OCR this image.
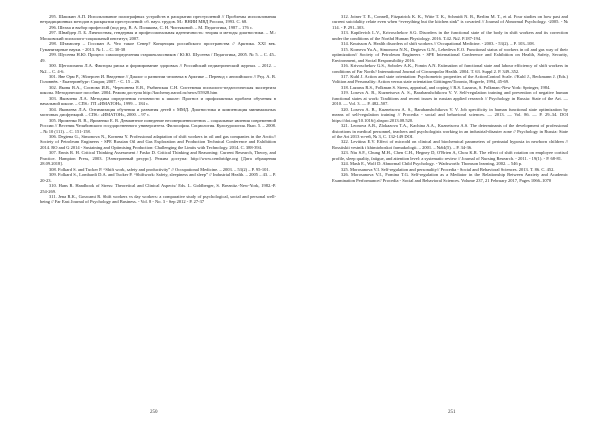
295. Шашкин А.П. Использование полиграфных устройств в раскрытии преступлений // Проблемы использования нетрадиционных методов в раскрытии преступлений: сб. науч. трудов. М.: ВНИИ МВД России, 1993. С. 68.

296. Шеаха и выбор профессий (под ред. В. А. Полякова, С. Н. Чистяковой. – М. Педагогика, 1987 – 176 с.

297. Шнайдер Л. Б. Личностная, гендерная и профессиональная идентичность: теория и методы диагностики. – М.: Московский психолого-социальный институт, 2007.

298. Штамплер – Госсман А. Что такое Север? Концепция российского пространства // Арктика. XXI век. Гуманитарные науки. - 2013. № 1. – С. 30-38

299. Шусеева Н.Ю. Процесс самоопределения старшеклассников / Ю.Ю. Шусеева / Педагогика, 2005. № 5. – С. 45–49.

300. Щеголихина Л.А. Факторы риска и формирование здоровых // Российский педиатрический журнал. – 2012. – №2. – С. 4-6.

301. Яве Орм Р., Эйлерсен И. Введение // Диалог о развитии человека в Арктике – Перевод с английского // Ред. А. В. Головнёв. - Екатеринбург: Сократ, 2007. - С. 15 – 26.

302. Яковя В.А., Соснова И.В., Черешнева Е.В., Рыбинская С.Н. Системная психолого-педагогическая экспертиза школы. Методическое пособие. 2004. Режим доступа http://kuchemy.narod.ru/news/55928.htm

303. Яковлева Л.А. Методика определения готовности к школе: Прогноз и профилактика проблем обучения в начальной школе. – СПб.: ГП «ИМАТОН», 1999. – 184 с.

304. Яковлева Л.А. Оптимизация обучения и развития детей с ММД. Диагностика и компенсация минимальных мозговых дисфункций. – СПб.: «ИМАТОН», 2000. – 97 с.

305. Яроменко В. В., Яроменко Е. В. Девиантное поведение несовершеннолетних – социальные явления современной России // Вестник Челябинского государственного университета. Философия. Социология. Культурология. Вып. 5. – 2008. – № 10 (111). – С. 151-158.

306. Degtева G., Simonova N., Kornева Y. Professional adaptation of shift workers in oil and gas companies in the Arctic// Society of Petroleum Engineers - SPE Russian Oil and Gas Exploration and Production Technical Conference and Exhibition 2014. RO and G 2014 - Sustaining and Optimising Production: Challenging the Limits with Technology. 2014. С. 388-394.

307. Ennis R. H. Critical Thinking Assessment / Fasko D. Critical Thinking and Reasoning: Current Research, Theory, and Practice. Hampton Press, 2003. [Электронный ресурс]. Режим доступа: http://www.cembridge.org [Дата обращения 28.09.2018].

308. Folkard S. and Tucker P. “Shift work, safety and productivity” // Occupational Medicine. – 2003. – 53(2) – P. 95-101.

309. Folkard S., Lombardi D.A. and Tucker P. “Shiftwork: Safety, sleepiness and sleep” // Industrial Health. – 2005 – 43. – P. 20-23.

310. Hans R. Handbook of Stress: Theoretical and Clinical Aspects/ Eds. L. Goldberger, S. Breznitz.-New-York, 1982.-P. 254-269.

311. Jena R.K., Goswami R. Shift workers vs day workers: a comparative study of psychological, social and personal well-being // Far East Journal of Psychology and Business. - Vol. 8 - No. 3 - Sep 2012 - P. 27-37

250

312. Joiner T. E., Connell, Fitzpatrick K. K., Witte T. K., Schmidt N. B., Berlim M. T., et al. Four studies on how past and current suicidality relate even when “everything but the kitchen sink” is covaried // Journal of Abnormal Psychology. -2005. - № 114. - P. 291–303.

313. Kapilevich L.V., Krivoschekov S.G. Disorders in the functional state of the body in shift workers and its correction under the conditions of the Northd Human Physiology. 2016. Т.42. №2. P.187-194.

314. Knutsson A. Health disorders of shift workers // Occupational Medicine. - 2003. - 53(2). – P. 103–108.

315. Korneva Yu.A., Simonova N.N., Degteva G.N., Lebedeva E.O. Functional status of workers in oil and gas way of their optimization// Society of Petroleum Engineers - SPE International Conference and Exhibition on Health, Safety, Security, Environment, and Social Responsibility 2016.

316. Krivoschekov G.S., Sobolev A.K., Fomin A.N. Estimation of functional state and labour efficiency of shift workers in conditions of Far North// International Journal of Circumpolar Health. 2004. Т. 63. Suppl 2. P. 349–352.

317. Kuhl J. Action and state orientation: Psychometric properties of the ActionControl Scale. //Kuhl J., Beckmann J. (Eds.) Volition and Personality: Action versus state orientation Göttingen/Toronto, Hogrefe, 1994, 45-69.

318. Lazarus R.S., Folkman S. Stress, appraisal, and coping // R.S. Lazarus, S. Folkman.-New York: Springer, 1984.

319. Loseva A. B., Kuznetsova A. S., Barabanshchikova V. V. Self-regulation training and prevention of negative human functional states at work: Traditions and recent issues in russian applied research // Psychology in Russia: State of the Art. — 2010. — Vol. 3. — P. 482–507.

320. Loseva A. B., Kuznetsova A. S., Barabanshchikova V. V. Job specificity in human functional state optimization by means of self-regulation training // Procedia - social and behavioral sciences. — 2013. — Vol. 86. — P. 29–34. DOI https://doi.org/10.1016/j.sbspro.2013.08.520.

321. Leonova A.B., Zlokazova T.A., Kachina A.A., Kuznetsova A.S. The determinants of the development of professional distortions in medical personnel, teachers and psychologists working in an industrial-disaster zone // Psychology in Russia: State of the Art 2013 то-н6, № 3, C. 132-149 DOI.

322. Levitina E.V. Effect of microdd on clinical and biochemical parameters of perinatal hypoxia in newborn children // Rossiiskii vestnik i khimioboskoi farmakologii. – 2001. – №64(5). – P. 34-36.

323. Niu S.F., Chung M.H., Chen C.H., Hegney D, O'Brien A, Chou K.R. The effect of shift rotation on employee cortisol profile, sleep quality, fatigue, and attention level: a systematic review // Journal of Nursing Research. - 2011. - 19(1). - P. 68-81.

324. Mash E., Wolf D. Abnormal Child Psychology. - Wadsworth: Thomson learning, 2002. – 546 p.

325. Morosanova V.I. Self-regulation and personality// Procedia - Social and Behavioral Sciences. 2013. Т. 86. С. 452.

326. Morosanova V.I., Fomina T.G. Self-regulation as a Mediator in the Relationship Between Anxiety and Academic Examination Performance// Procedia - Social and Behavioral Sciences. Volume 237, 21 February 2017, Pages 1066–1070

251
